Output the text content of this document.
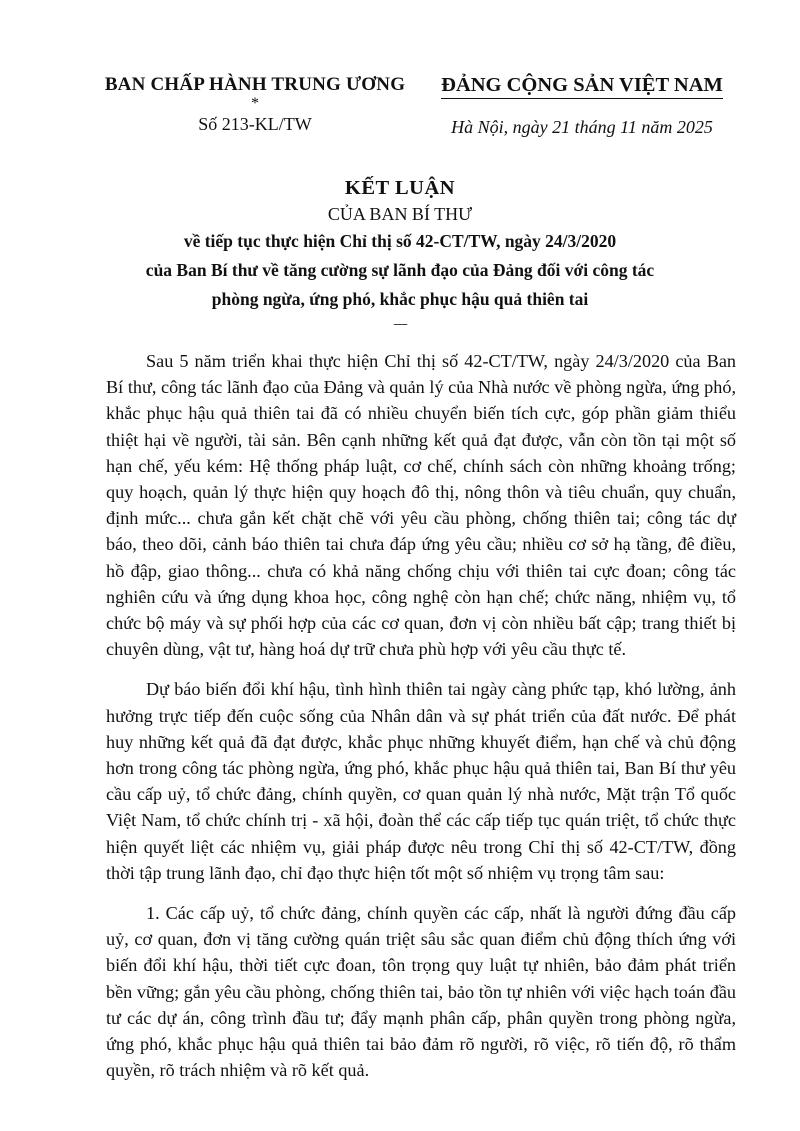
BAN CHẤP HÀNH TRUNG ƯƠNG
*
Số 213-KL/TW
ĐẢNG CỘNG SẢN VIỆT NAM
Hà Nội, ngày 21 tháng 11 năm 2025
KẾT LUẬN
CỦA BAN BÍ THƯ
về tiếp tục thực hiện Chỉ thị số 42-CT/TW, ngày 24/3/2020
của Ban Bí thư về tăng cường sự lãnh đạo của Đảng đối với công tác
phòng ngừa, ứng phó, khắc phục hậu quả thiên tai
-----

Sau 5 năm triển khai thực hiện Chỉ thị số 42-CT/TW, ngày 24/3/2020 của Ban Bí thư, công tác lãnh đạo của Đảng và quản lý của Nhà nước về phòng ngừa, ứng phó, khắc phục hậu quả thiên tai đã có nhiều chuyển biến tích cực, góp phần giảm thiểu thiệt hại về người, tài sản. Bên cạnh những kết quả đạt được, vẫn còn tồn tại một số hạn chế, yếu kém: Hệ thống pháp luật, cơ chế, chính sách còn những khoảng trống; quy hoạch, quản lý thực hiện quy hoạch đô thị, nông thôn và tiêu chuẩn, quy chuẩn, định mức... chưa gắn kết chặt chẽ với yêu cầu phòng, chống thiên tai; công tác dự báo, theo dõi, cảnh báo thiên tai chưa đáp ứng yêu cầu; nhiều cơ sở hạ tầng, đê điều, hồ đập, giao thông... chưa có khả năng chống chịu với thiên tai cực đoan; công tác nghiên cứu và ứng dụng khoa học, công nghệ còn hạn chế; chức năng, nhiệm vụ, tổ chức bộ máy và sự phối hợp của các cơ quan, đơn vị còn nhiều bất cập; trang thiết bị chuyên dùng, vật tư, hàng hoá dự trữ chưa phù hợp với yêu cầu thực tế.

Dự báo biến đổi khí hậu, tình hình thiên tai ngày càng phức tạp, khó lường, ảnh hưởng trực tiếp đến cuộc sống của Nhân dân và sự phát triển của đất nước. Để phát huy những kết quả đã đạt được, khắc phục những khuyết điểm, hạn chế và chủ động hơn trong công tác phòng ngừa, ứng phó, khắc phục hậu quả thiên tai, Ban Bí thư yêu cầu cấp uỷ, tổ chức đảng, chính quyền, cơ quan quản lý nhà nước, Mặt trận Tổ quốc Việt Nam, tổ chức chính trị - xã hội, đoàn thể các cấp tiếp tục quán triệt, tổ chức thực hiện quyết liệt các nhiệm vụ, giải pháp được nêu trong Chỉ thị số 42-CT/TW, đồng thời tập trung lãnh đạo, chỉ đạo thực hiện tốt một số nhiệm vụ trọng tâm sau:

1. Các cấp uỷ, tổ chức đảng, chính quyền các cấp, nhất là người đứng đầu cấp uỷ, cơ quan, đơn vị tăng cường quán triệt sâu sắc quan điểm chủ động thích ứng với biến đổi khí hậu, thời tiết cực đoan, tôn trọng quy luật tự nhiên, bảo đảm phát triển bền vững; gắn yêu cầu phòng, chống thiên tai, bảo tồn tự nhiên với việc hạch toán đầu tư các dự án, công trình đầu tư; đẩy mạnh phân cấp, phân quyền trong phòng ngừa, ứng phó, khắc phục hậu quả thiên tai bảo đảm rõ người, rõ việc, rõ tiến độ, rõ thẩm quyền, rõ trách nhiệm và rõ kết quả.
